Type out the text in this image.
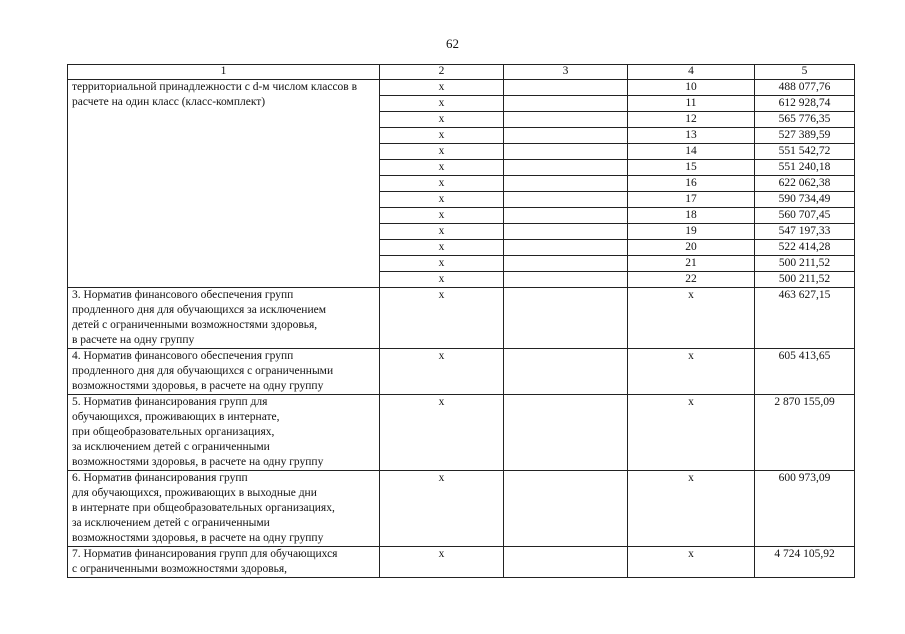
62
1	2	3	4	5
территориальной принадлежности с d-м числом классов в расчете на один класс (класс-комплект)	x		10	488 077,76
	x		11	612 928,74
	x		12	565 776,35
	x		13	527 389,59
	x		14	551 542,72
	x		15	551 240,18
	x		16	622 062,38
	x		17	590 734,49
	x		18	560 707,45
	x		19	547 197,33
	x		20	522 414,28
	x		21	500 211,52
	x		22	500 211,52

3. Норматив финансового обеспечения групп
продленного дня для обучающихся за исключением
детей с ограниченными возможностями здоровья,
в расчете на одну группу	x		x	463 627,15

4. Норматив финансового обеспечения групп
продленного дня для обучающихся с ограниченными
возможностями здоровья, в расчете на одну группу	x		x	605 413,65

5. Норматив финансирования групп для
обучающихся, проживающих в интернате,
при общеобразовательных организациях,
за исключением детей с ограниченными
возможностями здоровья, в расчете на одну группу	x		x	2 870 155,09

6. Норматив финансирования групп
для обучающихся, проживающих в выходные дни
в интернате при общеобразовательных организациях,
за исключением детей с ограниченными
возможностями здоровья, в расчете на одну группу	x		x	600 973,09

7. Норматив финансирования групп для обучающихся
с ограниченными возможностями здоровья,	x		x	4 724 105,92
